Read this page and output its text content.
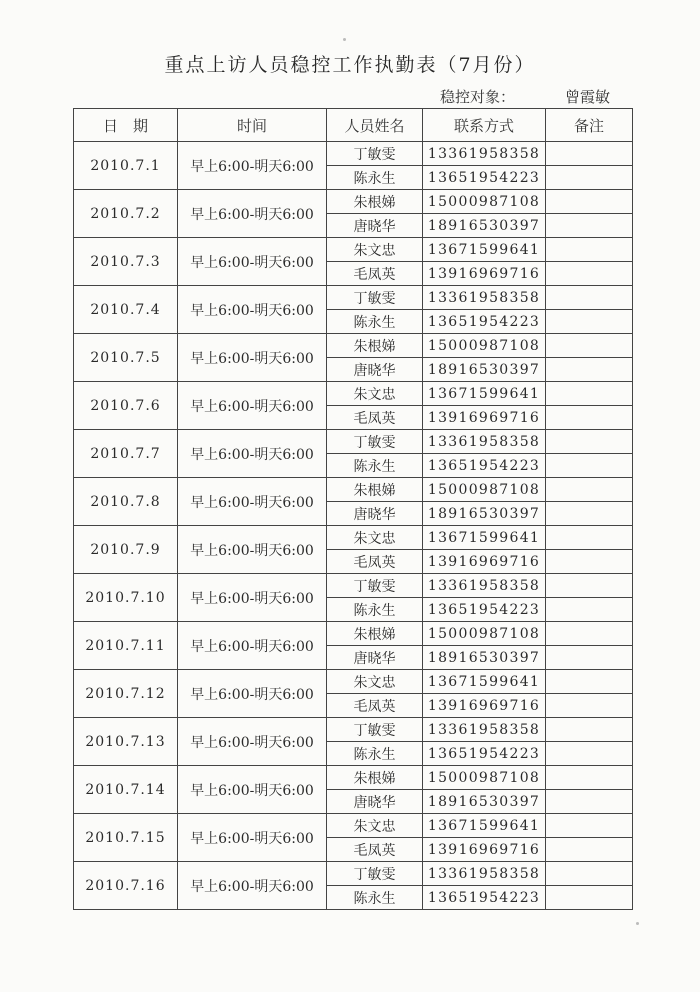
重点上访人员稳控工作执勤表（7月份）
稳控对象：	曾霞敏
日　期	时间	人员姓名	联系方式	备注
2010.7.1	早上6:00-明天6:00	丁敏雯	13361958358	
		陈永生	13651954223	
2010.7.2	早上6:00-明天6:00	朱根娣	15000987108	
		唐晓华	18916530397	
2010.7.3	早上6:00-明天6:00	朱文忠	13671599641	
		毛凤英	13916969716	
2010.7.4	早上6:00-明天6:00	丁敏雯	13361958358	
		陈永生	13651954223	
2010.7.5	早上6:00-明天6:00	朱根娣	15000987108	
		唐晓华	18916530397	
2010.7.6	早上6:00-明天6:00	朱文忠	13671599641	
		毛凤英	13916969716	
2010.7.7	早上6:00-明天6:00	丁敏雯	13361958358	
		陈永生	13651954223	
2010.7.8	早上6:00-明天6:00	朱根娣	15000987108	
		唐晓华	18916530397	
2010.7.9	早上6:00-明天6:00	朱文忠	13671599641	
		毛凤英	13916969716	
2010.7.10	早上6:00-明天6:00	丁敏雯	13361958358	
		陈永生	13651954223	
2010.7.11	早上6:00-明天6:00	朱根娣	15000987108	
		唐晓华	18916530397	
2010.7.12	早上6:00-明天6:00	朱文忠	13671599641	
		毛凤英	13916969716	
2010.7.13	早上6:00-明天6:00	丁敏雯	13361958358	
		陈永生	13651954223	
2010.7.14	早上6:00-明天6:00	朱根娣	15000987108	
		唐晓华	18916530397	
2010.7.15	早上6:00-明天6:00	朱文忠	13671599641	
		毛凤英	13916969716	
2010.7.16	早上6:00-明天6:00	丁敏雯	13361958358	
		陈永生	13651954223	
